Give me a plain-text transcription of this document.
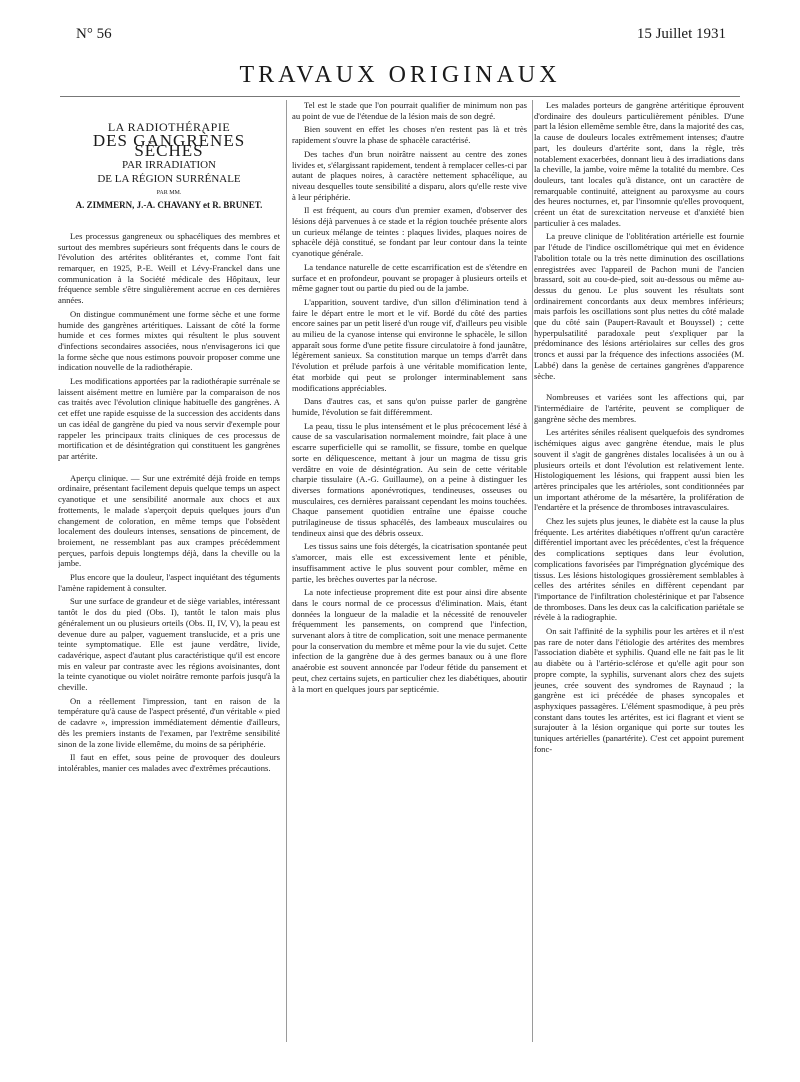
N° 56	15 Juillet 1931
TRAVAUX ORIGINAUX
LA RADIOTHÉRAPIE
DES GANGRÈNES SÈCHES
PAR IRRADIATION
DE LA RÉGION SURRÉNALE
PAR MM.
A. ZIMMERN, J.-A. CHAVANY et R. BRUNET.

Les processus gangreneux ou sphacéliques des membres et surtout des membres supérieurs sont fréquents dans le cours de l'évolution des artérites oblitérantes et, comme l'ont fait remarquer, en 1925, P.-E. Weill et Lévy-Franckel dans une communication à la Société médicale des Hôpitaux, leur fréquence semble s'être singulièrement accrue en ces dernières années.

On distingue communément une forme sèche et une forme humide des gangrènes artéritiques. Laissant de côté la forme humide et ces formes mixtes qui résultent le plus souvent d'infections secondaires associées, nous n'envisagerons ici que la forme sèche que nous estimons pouvoir proposer comme une indication nouvelle de la radiothérapie.

Les modifications apportées par la radiothérapie surrénale se laissent aisément mettre en lumière par la comparaison de nos cas traités avec l'évolution clinique habituelle des gangrènes. A cet effet une rapide esquisse de la succession des accidents dans un cas idéal de gangrène du pied va nous servir d'exemple pour rappeler les principaux traits cliniques de ces processus de mortification et de désintégration qui constituent les gangrènes par artérite.

Aperçu clinique. — Sur une extrémité déjà froide en temps ordinaire, présentant facilement depuis quelque temps un aspect cyanotique et une sensibilité anormale aux chocs et aux frottements, le malade s'aperçoit depuis quelques jours d'un changement de coloration, en même temps que l'obsèdent localement des douleurs intenses, sensations de pincement, de broiement, ne ressemblant pas aux crampes précédemment perçues, parfois depuis longtemps déjà, dans la cheville ou la jambe.

Plus encore que la douleur, l'aspect inquiétant des téguments l'amène rapidement à consulter.

Sur une surface de grandeur et de siège variables, intéressant tantôt le dos du pied (Obs. I), tantôt le talon mais plus généralement un ou plusieurs orteils (Obs. II, IV, V), la peau est devenue dure au palper, vaguement translucide, et a pris une teinte symptomatique. Elle est jaune verdâtre, livide, cadavérique, aspect d'autant plus caractéristique qu'il est encore mis en valeur par contraste avec les régions avoisinantes, dont la teinte cyanotique ou violet noirâtre remonte parfois jusqu'à la cheville.

On a réellement l'impression, tant en raison de la température qu'à cause de l'aspect présenté, d'un véritable « pied de cadavre », impression immédiatement démentie d'ailleurs, dès les premiers instants de l'examen, par l'extrême sensibilité sinon de la zone livide ellemême, du moins de sa périphérie.

Il faut en effet, sous peine de provoquer des douleurs intolérables, manier ces malades avec d'extrêmes précautions.

Tel est le stade que l'on pourrait qualifier de minimum non pas au point de vue de l'étendue de la lésion mais de son degré.

Bien souvent en effet les choses n'en restent pas là et très rapidement s'ouvre la phase de sphacèle caractérisé.

Des taches d'un brun noirâtre naissent au centre des zones livides et, s'élargissant rapidement, tendent à remplacer celles-ci par autant de plaques noires, à caractère nettement sphacélique, au niveau desquelles toute sensibilité a disparu, alors qu'elle reste vive à leur périphérie.

Il est fréquent, au cours d'un premier examen, d'observer des lésions déjà parvenues à ce stade et la région touchée présente alors un curieux mélange de teintes : plaques livides, plaques noires de sphacèle déjà constitué, se fondant par leur contour dans la teinte cyanotique générale.

La tendance naturelle de cette escarrification est de s'étendre en surface et en profondeur, pouvant se propager à plusieurs orteils et même gagner tout ou partie du pied ou de la jambe.

L'apparition, souvent tardive, d'un sillon d'élimination tend à faire le départ entre le mort et le vif. Bordé du côté des parties encore saines par un petit liseré d'un rouge vif, d'ailleurs peu visible au milieu de la cyanose intense qui environne le sphacèle, le sillon apparaît sous forme d'une petite fissure circulatoire à fond jaunâtre, légèrement sanieux. Sa constitution marque un temps d'arrêt dans l'évolution et prélude parfois à une véritable momification lente, état morbide qui peut se prolonger interminablement sans modifications appréciables.

Dans d'autres cas, et sans qu'on puisse parler de gangrène humide, l'évolution se fait différemment.

La peau, tissu le plus intensément et le plus précocement lésé à cause de sa vascularisation normalement moindre, fait place à une escarre superficielle qui se ramollit, se fissure, tombe en quelque sorte en déliquescence, mettant à jour un magma de tissu gris verdâtre en voie de désintégration. Au sein de cette véritable charpie tissulaire (A.-G. Guillaume), on a peine à distinguer les diverses formations aponévrotiques, tendineuses, osseuses ou musculaires, ces dernières paraissant cependant les moins touchées. Chaque pansement quotidien entraîne une épaisse couche putrilagineuse de tissus sphacélés, des lambeaux musculaires ou tendineux ainsi que des débris osseux.

Les tissus sains une fois détergés, la cicatrisation spontanée peut s'amorcer, mais elle est excessivement lente et pénible, insuffisamment active le plus souvent pour combler, même en partie, les brèches ouvertes par la nécrose.

La note infectieuse proprement dite est pour ainsi dire absente dans le cours normal de ce processus d'élimination. Mais, étant données la longueur de la maladie et la nécessité de renouveler fréquemment les pansements, on comprend que l'infection, survenant alors à titre de complication, soit une menace permanente pour la conservation du membre et même pour la vie du sujet. Cette infection de la gangrène due à des germes banaux ou à une flore anaérobie est souvent annoncée par l'odeur fétide du pansement et peut, chez certains sujets, en particulier chez les diabétiques, aboutir à la mort en quelques jours par septicémie.

Les malades porteurs de gangrène artéritique éprouvent d'ordinaire des douleurs particulièrement pénibles. D'une part la lésion ellemême semble être, dans la majorité des cas, la cause de douleurs locales extrêmement intenses; d'autre part, les douleurs d'artérite sont, dans la règle, très notablement exacerbées, donnant lieu à des irradiations dans la cheville, la jambe, voire même la totalité du membre. Ces douleurs, tant locales qu'à distance, ont un caractère de remarquable continuité, atteignent au paroxysme au cours des heures nocturnes, et, par l'insomnie qu'elles provoquent, créent un état de surexcitation nerveuse et d'anxiété bien particulier à ces malades.

La preuve clinique de l'oblitération artérielle est fournie par l'étude de l'indice oscillométrique qui met en évidence l'abolition totale ou la très nette diminution des oscillations enregistrées avec l'appareil de Pachon muni de l'ancien brassard, soit au cou-de-pied, soit au-dessous ou même au-dessus du genou. Le plus souvent les résultats sont ordinairement concordants aux deux membres inférieurs; mais parfois les oscillations sont plus nettes du côté malade que du côté sain (Paupert-Ravault et Bouyssel) ; cette hyperpulsatilité paradoxale peut s'expliquer par la prédominance des lésions artériolaires sur celles des gros troncs et aussi par la fréquence des infections associées (M. Labbé) dans la genèse de certaines gangrènes d'apparence sèche.

Nombreuses et variées sont les affections qui, par l'intermédiaire de l'artérite, peuvent se compliquer de gangrène sèche des membres.

Les artérites séniles réalisent quelquefois des syndromes ischémiques aigus avec gangrène étendue, mais le plus souvent il s'agit de gangrènes distales localisées à un ou à plusieurs orteils et dont l'évolution est relativement lente. Histologiquement les lésions, qui frappent aussi bien les artères principales que les artérioles, sont conditionnées par un important athérome de la mésartère, la prolifération de l'endartère et la présence de thromboses intravasculaires.

Chez les sujets plus jeunes, le diabète est la cause la plus fréquente. Les artérites diabétiques n'offrent qu'un caractère différentiel important avec les précédentes, c'est la fréquence des complications septiques dans leur évolution, complications favorisées par l'imprégnation glycémique des tissus. Les lésions histologiques grossièrement semblables à celles des artérites séniles en diffèrent cependant par l'importance de l'infiltration cholestérinique et par l'absence de thromboses. Dans les deux cas la calcification pariétale se révèle à la radiographie.

On sait l'affinité de la syphilis pour les artères et il n'est pas rare de noter dans l'étiologie des artérites des membres l'association diabète et syphilis. Quand elle ne fait pas le lit au diabète ou à l'artério-sclérose et qu'elle agit pour son propre compte, la syphilis, survenant alors chez des sujets jeunes, crée souvent des syndromes de Raynaud ; la gangrène est ici précédée de phases syncopales et asphyxiques passagères. L'élément spasmodique, à peu près constant dans toutes les artérites, est ici flagrant et vient se surajouter à la lésion organique qui porte sur toutes les tuniques artérielles (panartérite). C'est cet appoint purement fonc-
